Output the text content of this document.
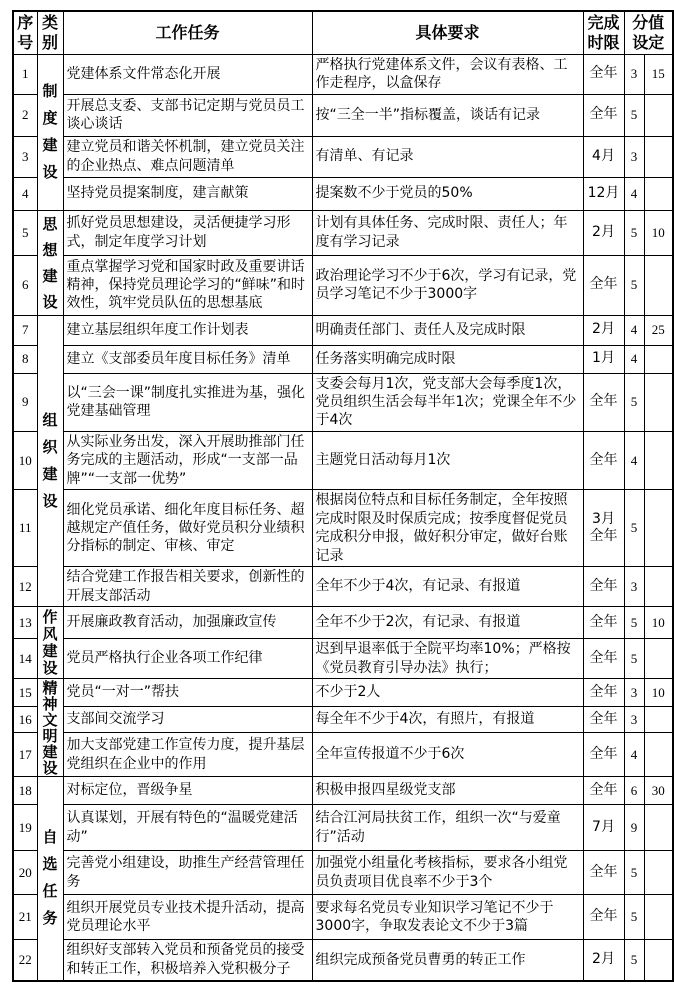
序号	类别	工作任务	具体要求	完成时限	分值设定	

1	制度建设	党建体系文件常态化开展	严格执行党建体系文件，会议有表格、工作走程序，以盒保存	全年	3	15
2		开展总支委、支部书记定期与党员员工谈心谈话	按“三全一半”指标覆盖，谈话有记录	全年	5	
3		建立党员和谐关怀机制，建立党员关注的企业热点、难点问题清单	有清单、有记录	4月	3	
4		坚持党员提案制度，建言献策	提案数不少于党员的50%	12月	4	
5	思想建设	抓好党员思想建设，灵活便捷学习形式，制定年度学习计划	计划有具体任务、完成时限、责任人；年度有学习记录	2月	5	10
6		重点掌握学习党和国家时政及重要讲话精神，保持党员理论学习的“鲜味”和时效性，筑牢党员队伍的思想基底	政治理论学习不少于6次，学习有记录，党员学习笔记不少于3000字	全年	5	
7	组织建设	建立基层组织年度工作计划表	明确责任部门、责任人及完成时限	2月	4	25
8		建立《支部委员年度目标任务》清单	任务落实明确完成时限	1月	4	
9		以“三会一课”制度扎实推进为基，强化党建基础管理	支委会每月1次，党支部大会每季度1次，党员组织生活会每半年1次；党课全年不少于4次	全年	5	
10		从实际业务出发，深入开展助推部门任务完成的主题活动，形成“一支部一品牌”“一支部一优势”	主题党日活动每月1次	全年	4	
11		细化党员承诺、细化年度目标任务、超越规定产值任务，做好党员积分业绩积分指标的制定、审核、审定	根据岗位特点和目标任务制定，全年按照完成时限及时保质完成；按季度督促党员完成积分申报，做好积分审定，做好台账记录	3月全年	5	
12		结合党建工作报告相关要求，创新性的开展支部活动	全年不少于4次，有记录、有报道	全年	3	
13	作风建设	开展廉政教育活动，加强廉政宣传	全年不少于2次，有记录、有报道	全年	5	10
14		党员严格执行企业各项工作纪律	迟到早退率低于全院平均率10%；严格按《党员教育引导办法》执行；	全年	5	
15	精神文明建设	党员“一对一”帮扶	不少于2人	全年	3	10
16		支部间交流学习	每全年不少于4次，有照片，有报道	全年	3	
17		加大支部党建工作宣传力度，提升基层党组织在企业中的作用	全年宣传报道不少于6次	全年	4	
18	自选任务	对标定位，晋级争星	积极申报四星级党支部	全年	6	30
19		认真谋划，开展有特色的“温暖党建活动”	结合江河局扶贫工作，组织一次“与爱童行”活动	7月	9	
20		完善党小组建设，助推生产经营管理任务	加强党小组量化考核指标，要求各小组党员负责项目优良率不少于3个	全年	5	
21		组织开展党员专业技术提升活动，提高党员理论水平	要求每名党员专业知识学习笔记不少于3000字，争取发表论文不少于3篇	全年	5	
22		组织好支部转入党员和预备党员的接受和转正工作，积极培养入党积极分子	组织完成预备党员曹勇的转正工作	2月	5	
